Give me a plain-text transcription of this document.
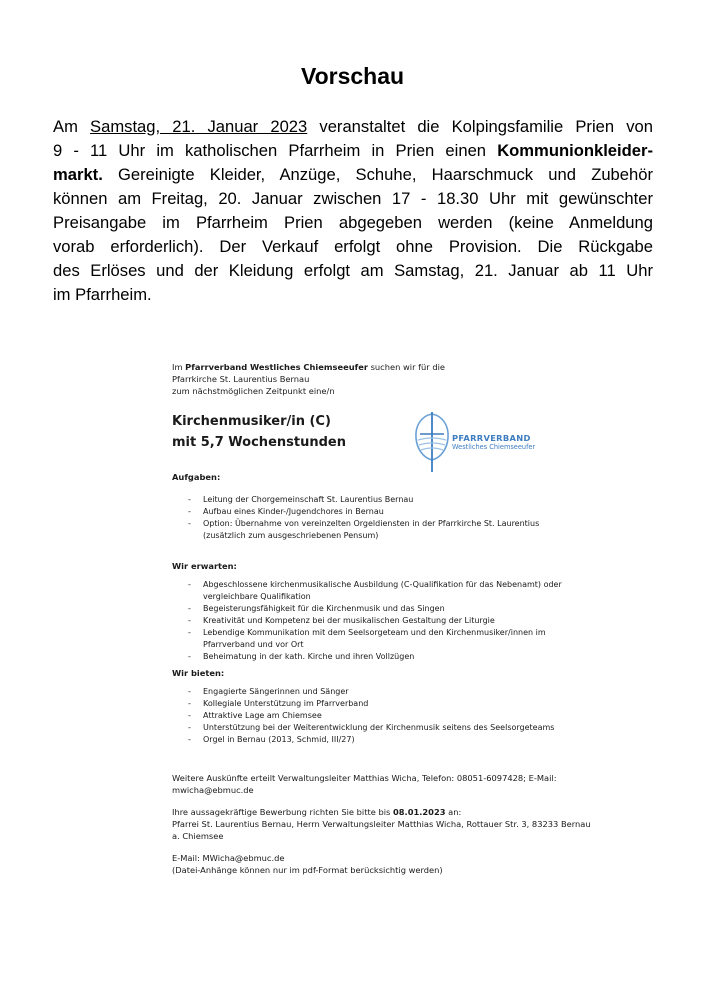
Vorschau
Am Samstag, 21. Januar 2023 veranstaltet die Kolpingsfamilie Prien von
9 - 11 Uhr im katholischen Pfarrheim in Prien einen Kommunionkleider-
markt. Gereinigte Kleider, Anzüge, Schuhe, Haarschmuck und Zubehör
können am Freitag, 20. Januar zwischen 17 - 18.30 Uhr mit gewünschter
Preisangabe im Pfarrheim Prien abgegeben werden (keine Anmeldung
vorab erforderlich). Der Verkauf erfolgt ohne Provision. Die Rückgabe
des Erlöses und der Kleidung erfolgt am Samstag, 21. Januar ab 11 Uhr
im Pfarrheim.
PFARRVERBAND
Westliches Chiemseeufer
Im Pfarrverband Westliches Chiemseeufer suchen wir für die
Pfarrkirche St. Laurentius Bernau
zum nächstmöglichen Zeitpunkt eine/n
Kirchenmusiker/in (C)
mit 5,7 Wochenstunden
Aufgaben:
- Leitung der Chorgemeinschaft St. Laurentius Bernau
- Aufbau eines Kinder-/Jugendchores in Bernau
- Option: Übernahme von vereinzelten Orgeldiensten in der Pfarrkirche St. Laurentius
(zusätzlich zum ausgeschriebenen Pensum)
Wir erwarten:
- Abgeschlossene kirchenmusikalische Ausbildung (C-Qualifikation für das Nebenamt) oder
vergleichbare Qualifikation
- Begeisterungsfähigkeit für die Kirchenmusik und das Singen
- Kreativität und Kompetenz bei der musikalischen Gestaltung der Liturgie
- Lebendige Kommunikation mit dem Seelsorgeteam und den Kirchenmusiker/innen im
Pfarrverband und vor Ort
- Beheimatung in der kath. Kirche und ihren Vollzügen
Wir bieten:
- Engagierte Sängerinnen und Sänger
- Kollegiale Unterstützung im Pfarrverband
- Attraktive Lage am Chiemsee
- Unterstützung bei der Weiterentwicklung der Kirchenmusik seitens des Seelsorgeteams
- Orgel in Bernau (2013, Schmid, III/27)
Weitere Auskünfte erteilt Verwaltungsleiter Matthias Wicha, Telefon: 08051-6097428; E-Mail:
mwicha@ebmuc.de
Ihre aussagekräftige Bewerbung richten Sie bitte bis 08.01.2023 an:
Pfarrei St. Laurentius Bernau, Herrn Verwaltungsleiter Matthias Wicha, Rottauer Str. 3, 83233 Bernau
a. Chiemsee
E-Mail: MWicha@ebmuc.de
(Datei-Anhänge können nur im pdf-Format berücksichtig werden)
